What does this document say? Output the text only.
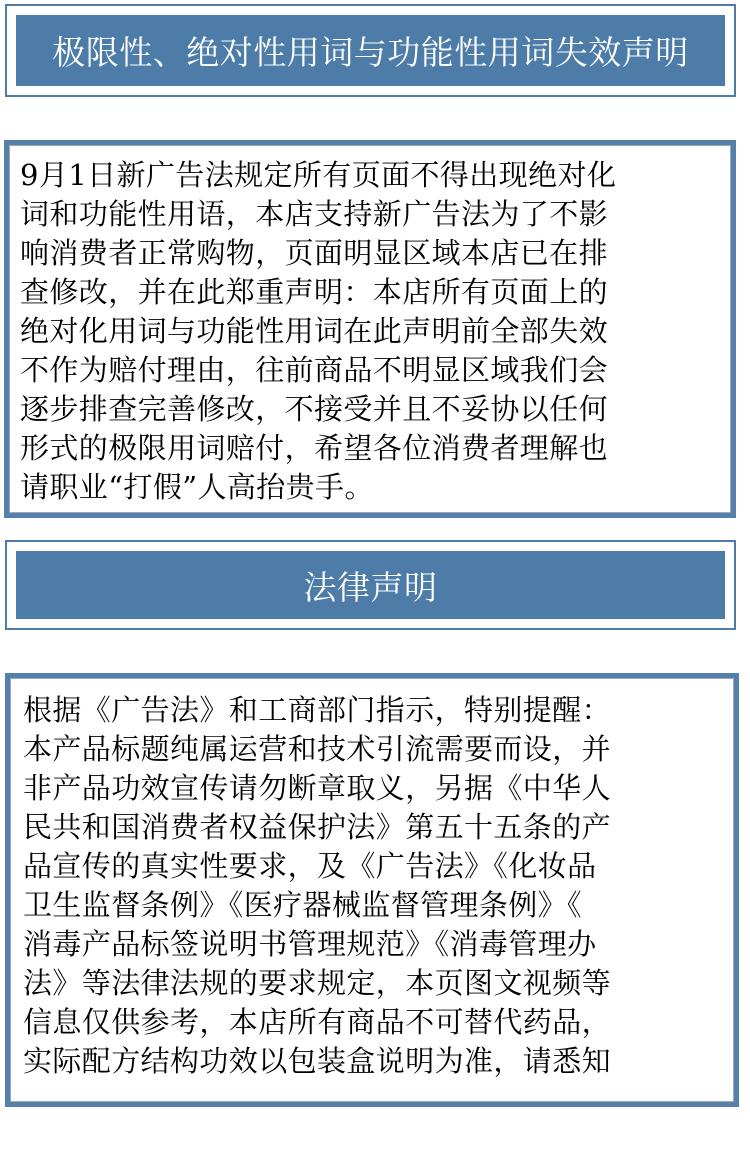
极限性、绝对性用词与功能性用词失效声明

9月1日新广告法规定所有页面不得出现绝对化

词和功能性用语，本店支持新广告法为了不影

响消费者正常购物，页面明显区域本店已在排

查修改，并在此郑重声明：本店所有页面上的

绝对化用词与功能性用词在此声明前全部失效

不作为赔付理由，往前商品不明显区域我们会

逐步排查完善修改，不接受并且不妥协以任何

形式的极限用词赔付，希望各位消费者理解也

请职业“打假”人高抬贵手。

法律声明

根据《广告法》和工商部门指示，特别提醒：

本产品标题纯属运营和技术引流需要而设，并

非产品功效宣传请勿断章取义，另据《中华人

民共和国消费者权益保护法》第五十五条的产

品宣传的真实性要求，及《广告法》《化妆品

卫生监督条例》《医疗器械监督管理条例》《

消毒产品标签说明书管理规范》《消毒管理办

法》等法律法规的要求规定，本页图文视频等

信息仅供参考，本店所有商品不可替代药品，

实际配方结构功效以包装盒说明为准，请悉知
